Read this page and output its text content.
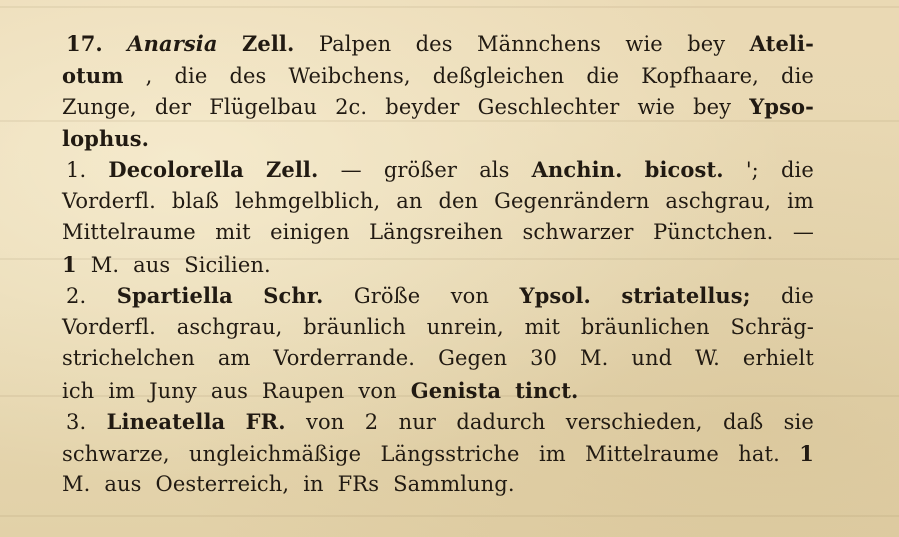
17. Anarsia Zell. Palpen des Männchens wie bey Ateli-
otum , die des Weibchens, deßgleichen die Kopfhaare, die
Zunge, der Flügelbau 2c. beyder Geschlechter wie bey Ypso-
lophus.
1. Decolorella Zell. — größer als Anchin. bicost. '; die
Vorderfl. blaß lehmgelblich, an den Gegenrändern aschgrau, im
Mittelraume mit einigen Längsreihen schwarzer Pünctchen. —
1 M. aus Sicilien.
2. Spartiella Schr. Größe von Ypsol. striatellus; die
Vorderfl. aschgrau, bräunlich unrein, mit bräunlichen Schräg-
strichelchen am Vorderrande. Gegen 30 M. und W. erhielt
ich im Juny aus Raupen von Genista tinct.
3. Lineatella FR. von 2 nur dadurch verschieden, daß sie
schwarze, ungleichmäßige Längsstriche im Mittelraume hat. 1
M. aus Oesterreich, in FRs Sammlung.
